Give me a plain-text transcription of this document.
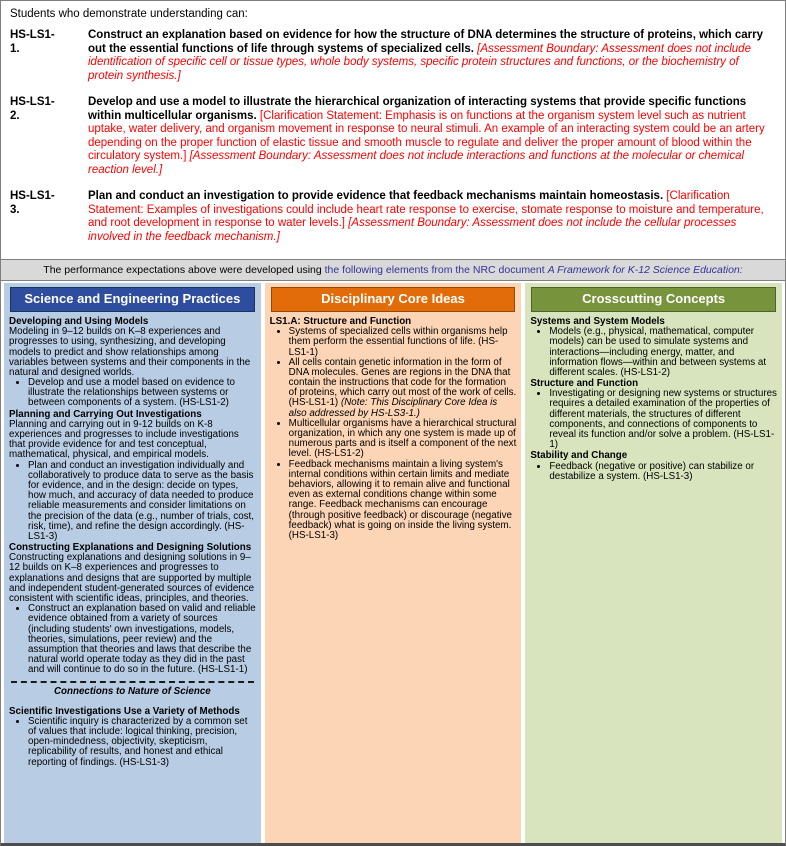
Students who demonstrate understanding can:
HS-LS1-1.
Construct an explanation based on evidence for how the structure of DNA determines the structure of proteins, which carry out the essential functions of life through systems of specialized cells. [Assessment Boundary: Assessment does not include identification of specific cell or tissue types, whole body systems, specific protein structures and functions, or the biochemistry of protein synthesis.]
HS-LS1-2.
Develop and use a model to illustrate the hierarchical organization of interacting systems that provide specific functions within multicellular organisms. [Clarification Statement: Emphasis is on functions at the organism system level such as nutrient uptake, water delivery, and organism movement in response to neural stimuli. An example of an interacting system could be an artery depending on the proper function of elastic tissue and smooth muscle to regulate and deliver the proper amount of blood within the circulatory system.] [Assessment Boundary: Assessment does not include interactions and functions at the molecular or chemical reaction level.]
HS-LS1-3.
Plan and conduct an investigation to provide evidence that feedback mechanisms maintain homeostasis. [Clarification Statement: Examples of investigations could include heart rate response to exercise, stomate response to moisture and temperature, and root development in response to water levels.] [Assessment Boundary: Assessment does not include the cellular processes involved in the feedback mechanism.]
The performance expectations above were developed using the following elements from the NRC document A Framework for K-12 Science Education:
Science and Engineering Practices
Developing and Using Models
Modeling in 9–12 builds on K–8 experiences and progresses to using, synthesizing, and developing models to predict and show relationships among variables between systems and their components in the natural and designed worlds.
• Develop and use a model based on evidence to illustrate the relationships between systems or between components of a system. (HS-LS1-2)
Planning and Carrying Out Investigations
Planning and carrying out in 9-12 builds on K-8 experiences and progresses to include investigations that provide evidence for and test conceptual, mathematical, physical, and empirical models.
• Plan and conduct an investigation individually and collaboratively to produce data to serve as the basis for evidence, and in the design: decide on types, how much, and accuracy of data needed to produce reliable measurements and consider limitations on the precision of the data (e.g., number of trials, cost, risk, time), and refine the design accordingly. (HS-LS1-3)
Constructing Explanations and Designing Solutions
Constructing explanations and designing solutions in 9–12 builds on K–8 experiences and progresses to explanations and designs that are supported by multiple and independent student-generated sources of evidence consistent with scientific ideas, principles, and theories.
• Construct an explanation based on valid and reliable evidence obtained from a variety of sources (including students' own investigations, models, theories, simulations, peer review) and the assumption that theories and laws that describe the natural world operate today as they did in the past and will continue to do so in the future. (HS-LS1-1)
Connections to Nature of Science
Scientific Investigations Use a Variety of Methods
• Scientific inquiry is characterized by a common set of values that include: logical thinking, precision, open-mindedness, objectivity, skepticism, replicability of results, and honest and ethical reporting of findings. (HS-LS1-3)
Disciplinary Core Ideas
LS1.A: Structure and Function
• Systems of specialized cells within organisms help them perform the essential functions of life. (HS-LS1-1)
• All cells contain genetic information in the form of DNA molecules. Genes are regions in the DNA that contain the instructions that code for the formation of proteins, which carry out most of the work of cells. (HS-LS1-1) (Note: This Disciplinary Core Idea is also addressed by HS-LS3-1.)
• Multicellular organisms have a hierarchical structural organization, in which any one system is made up of numerous parts and is itself a component of the next level. (HS-LS1-2)
• Feedback mechanisms maintain a living system's internal conditions within certain limits and mediate behaviors, allowing it to remain alive and functional even as external conditions change within some range. Feedback mechanisms can encourage (through positive feedback) or discourage (negative feedback) what is going on inside the living system. (HS-LS1-3)
Crosscutting Concepts
Systems and System Models
• Models (e.g., physical, mathematical, computer models) can be used to simulate systems and interactions—including energy, matter, and information flows—within and between systems at different scales. (HS-LS1-2)
Structure and Function
• Investigating or designing new systems or structures requires a detailed examination of the properties of different materials, the structures of different components, and connections of components to reveal its function and/or solve a problem. (HS-LS1-1)
Stability and Change
• Feedback (negative or positive) can stabilize or destabilize a system. (HS-LS1-3)
